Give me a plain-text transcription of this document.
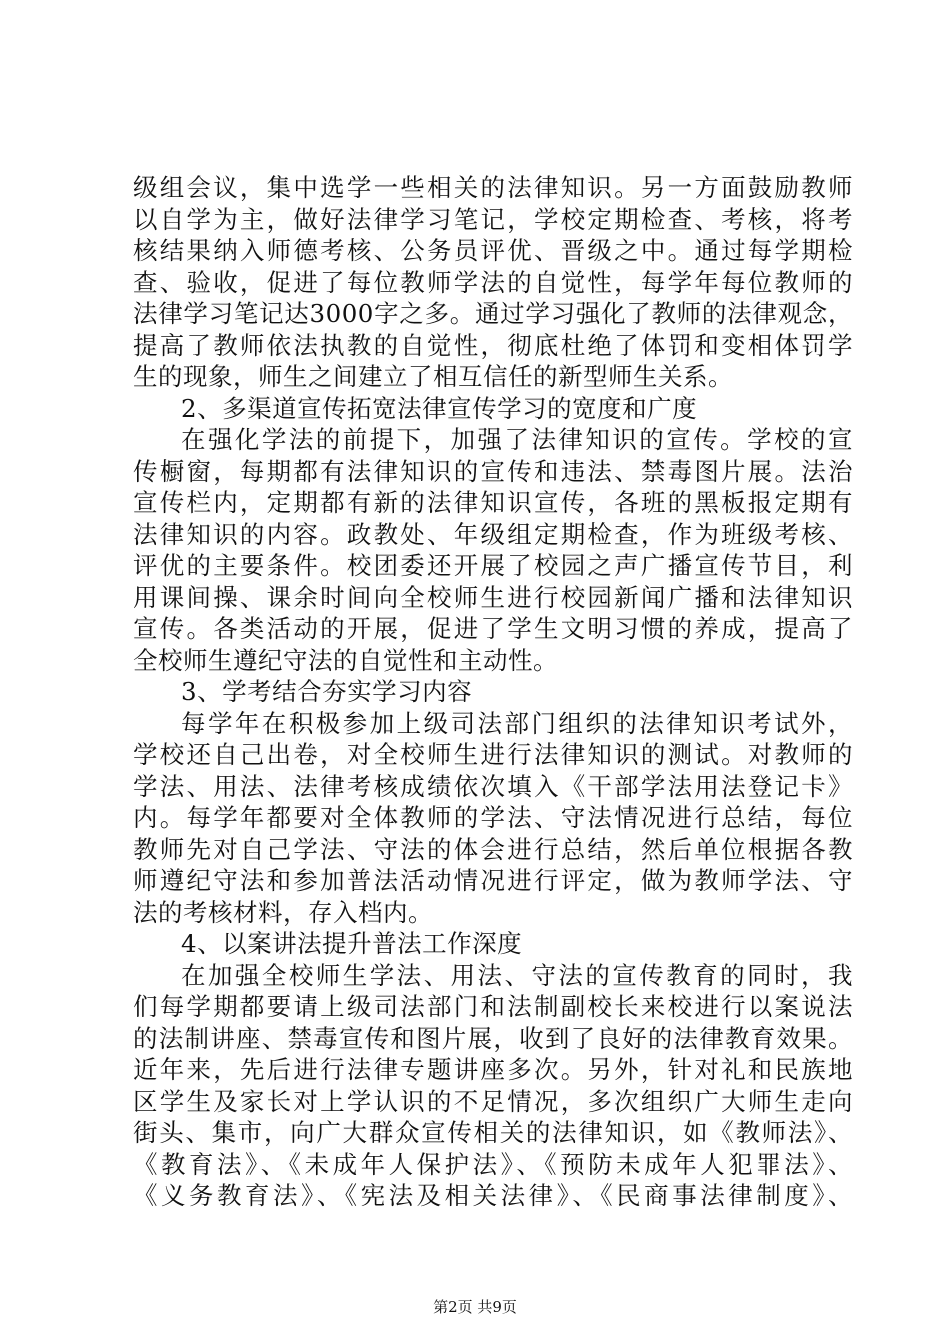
级组会议，集中选学一些相关的法律知识。另一方面鼓励教师
以自学为主，做好法律学习笔记，学校定期检查、考核，将考
核结果纳入师德考核、公务员评优、晋级之中。通过每学期检
查、验收，促进了每位教师学法的自觉性，每学年每位教师的
法律学习笔记达3000字之多。通过学习强化了教师的法律观念，
提高了教师依法执教的自觉性，彻底杜绝了体罚和变相体罚学
生的现象，师生之间建立了相互信任的新型师生关系。
2、多渠道宣传拓宽法律宣传学习的宽度和广度
在强化学法的前提下，加强了法律知识的宣传。学校的宣
传橱窗，每期都有法律知识的宣传和违法、禁毒图片展。法治
宣传栏内，定期都有新的法律知识宣传，各班的黑板报定期有
法律知识的内容。政教处、年级组定期检查，作为班级考核、
评优的主要条件。校团委还开展了校园之声广播宣传节目，利
用课间操、课余时间向全校师生进行校园新闻广播和法律知识
宣传。各类活动的开展，促进了学生文明习惯的养成，提高了
全校师生遵纪守法的自觉性和主动性。
3、学考结合夯实学习内容
每学年在积极参加上级司法部门组织的法律知识考试外，
学校还自己出卷，对全校师生进行法律知识的测试。对教师的
学法、用法、法律考核成绩依次填入《干部学法用法登记卡》
内。每学年都要对全体教师的学法、守法情况进行总结，每位
教师先对自己学法、守法的体会进行总结，然后单位根据各教
师遵纪守法和参加普法活动情况进行评定，做为教师学法、守
法的考核材料，存入档内。
4、以案讲法提升普法工作深度
在加强全校师生学法、用法、守法的宣传教育的同时，我
们每学期都要请上级司法部门和法制副校长来校进行以案说法
的法制讲座、禁毒宣传和图片展，收到了良好的法律教育效果。
近年来，先后进行法律专题讲座多次。另外，针对礼和民族地
区学生及家长对上学认识的不足情况，多次组织广大师生走向
街头、集市，向广大群众宣传相关的法律知识，如《教师法》、
《教育法》、《未成年人保护法》、《预防未成年人犯罪法》、
《义务教育法》、《宪法及相关法律》、《民商事法律制度》、
第2页 共9页
